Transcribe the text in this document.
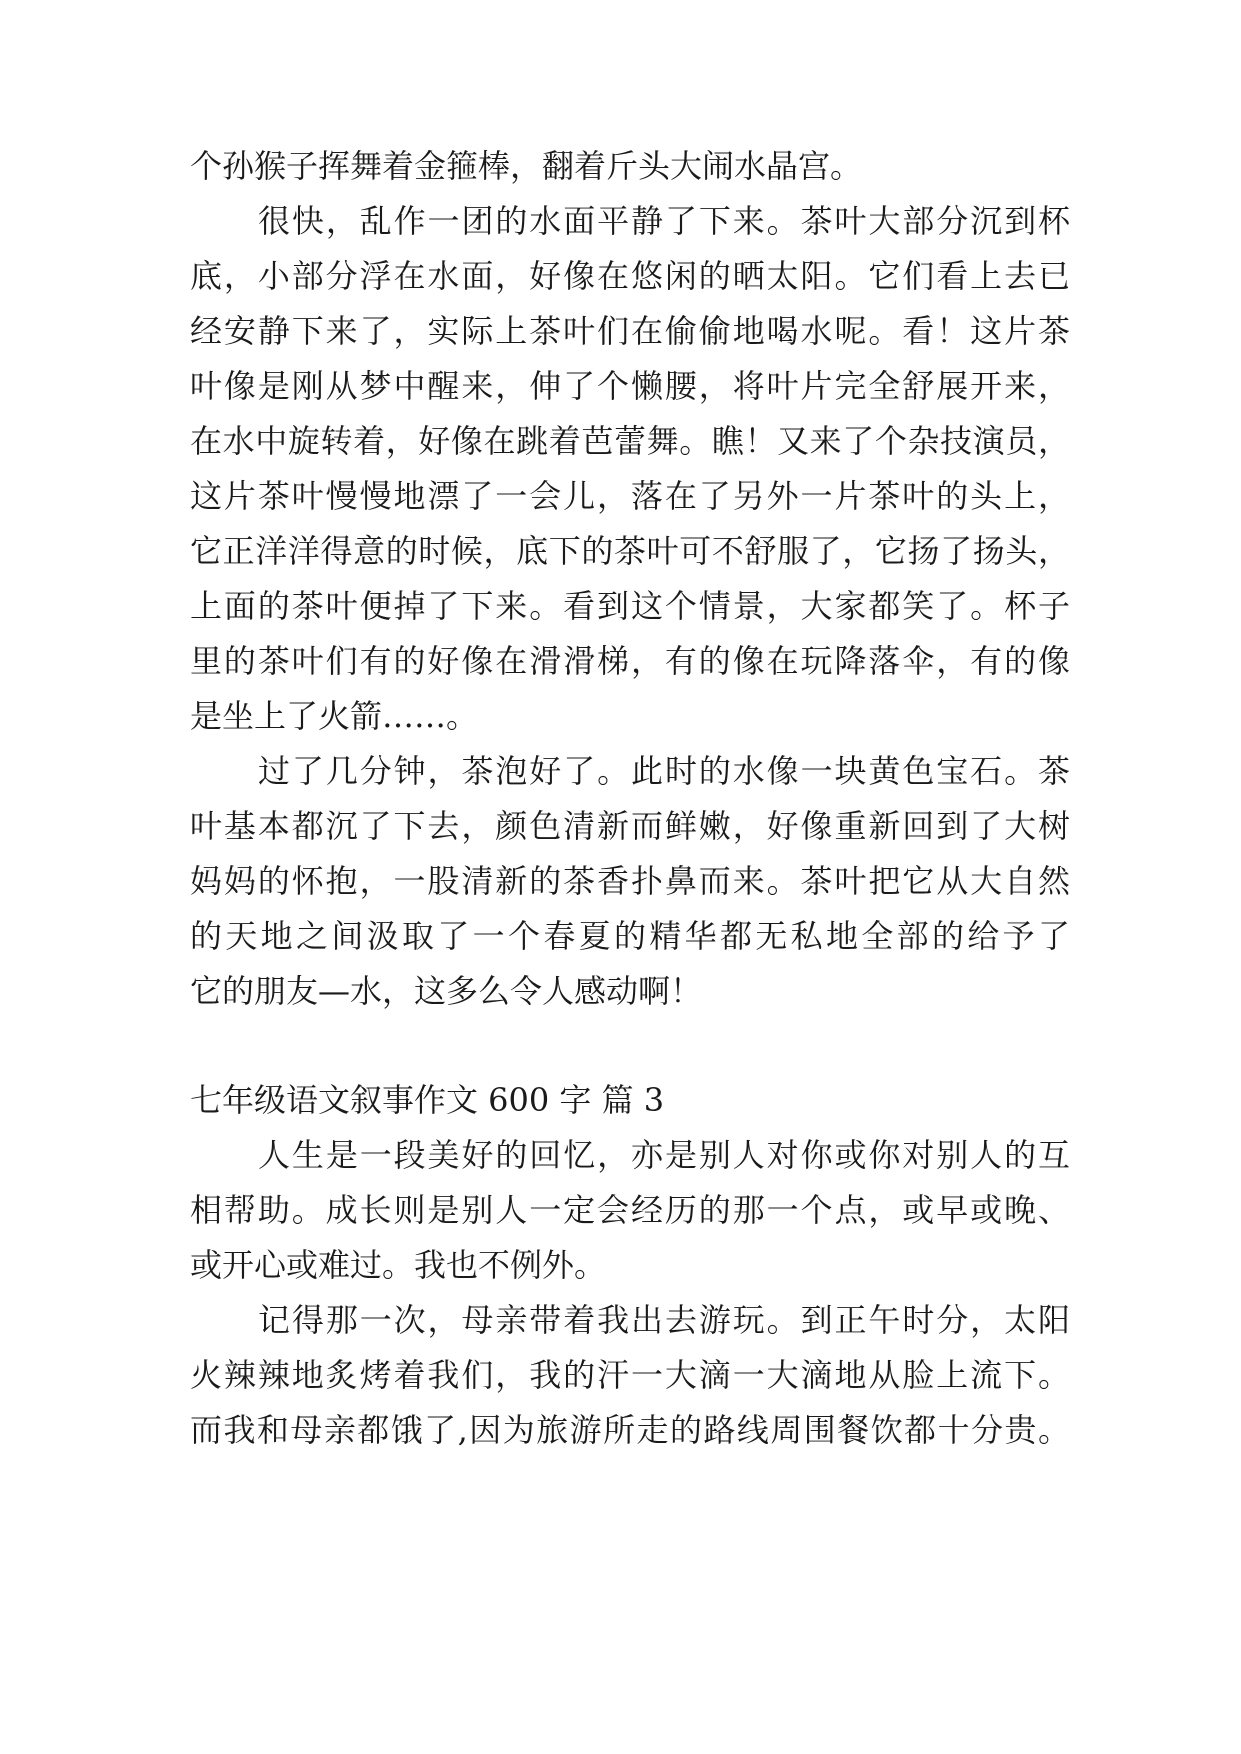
个孙猴子挥舞着金箍棒，翻着斤头大闹水晶宫。
很快，乱作一团的水面平静了下来。茶叶大部分沉到杯
底，小部分浮在水面，好像在悠闲的晒太阳。它们看上去已
经安静下来了，实际上茶叶们在偷偷地喝水呢。看！这片茶
叶像是刚从梦中醒来，伸了个懒腰，将叶片完全舒展开来，
在水中旋转着，好像在跳着芭蕾舞。瞧！又来了个杂技演员，
这片茶叶慢慢地漂了一会儿，落在了另外一片茶叶的头上，
它正洋洋得意的时候，底下的茶叶可不舒服了，它扬了扬头，
上面的茶叶便掉了下来。看到这个情景，大家都笑了。杯子
里的茶叶们有的好像在滑滑梯，有的像在玩降落伞，有的像
是坐上了火箭……。
过了几分钟，茶泡好了。此时的水像一块黄色宝石。茶
叶基本都沉了下去，颜色清新而鲜嫩，好像重新回到了大树
妈妈的怀抱，一股清新的茶香扑鼻而来。茶叶把它从大自然
的天地之间汲取了一个春夏的精华都无私地全部的给予了
它的朋友—水，这多么令人感动啊！
七年级语文叙事作文 600 字 篇 3
人生是一段美好的回忆，亦是别人对你或你对别人的互
相帮助。成长则是别人一定会经历的那一个点，或早或晚、
或开心或难过。我也不例外。
记得那一次，母亲带着我出去游玩。到正午时分，太阳
火辣辣地炙烤着我们，我的汗一大滴一大滴地从脸上流下。
而我和母亲都饿了,因为旅游所走的路线周围餐饮都十分贵。
